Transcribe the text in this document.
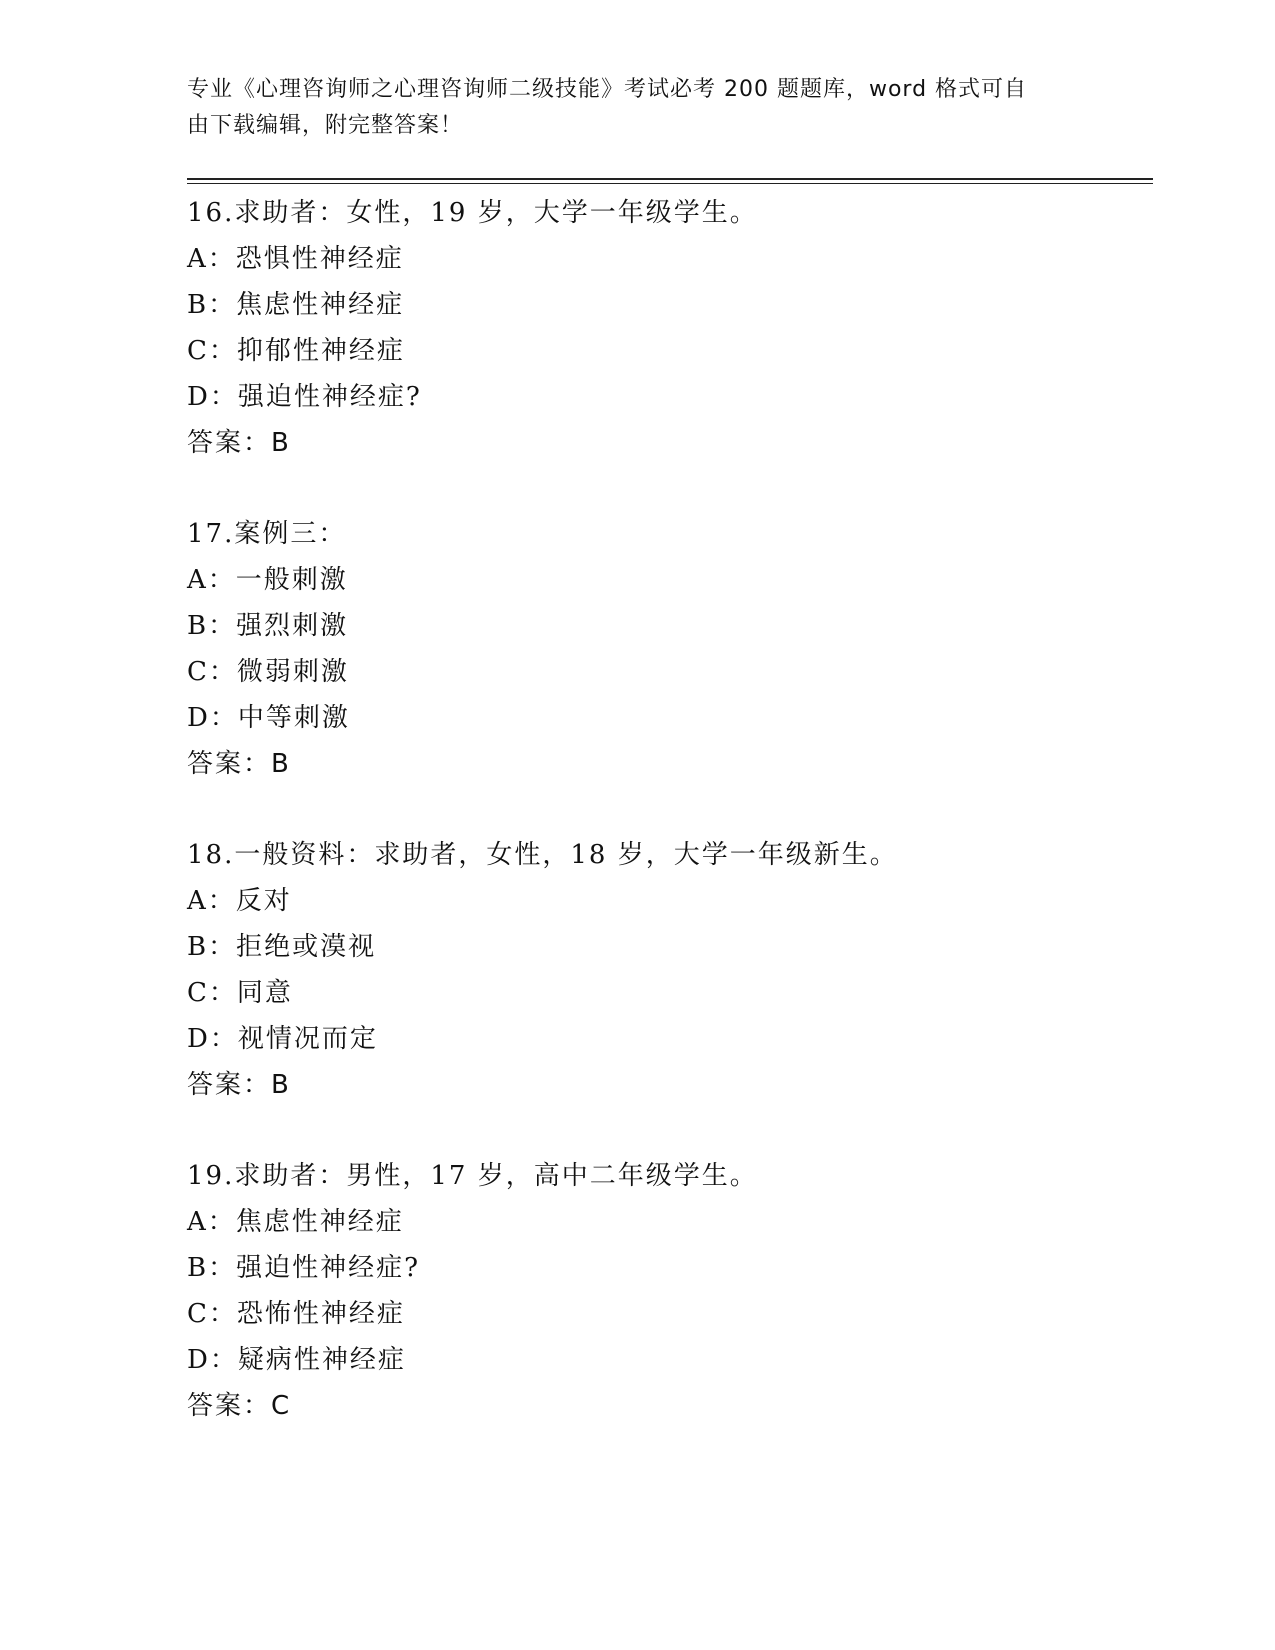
专业《心理咨询师之心理咨询师二级技能》考试必考 200 题题库，word 格式可自
由下载编辑，附完整答案！
16.求助者：女性，19 岁，大学一年级学生。
A：恐惧性神经症
B：焦虑性神经症
C：抑郁性神经症
D：强迫性神经症?
答案：B
17.案例三：
A：一般刺激
B：强烈刺激
C：微弱刺激
D：中等刺激
答案：B
18.一般资料：求助者，女性，18 岁，大学一年级新生。
A：反对
B：拒绝或漠视
C：同意
D：视情况而定
答案：B
19.求助者：男性，17 岁，高中二年级学生。
A：焦虑性神经症
B：强迫性神经症?
C：恐怖性神经症
D：疑病性神经症
答案：C
